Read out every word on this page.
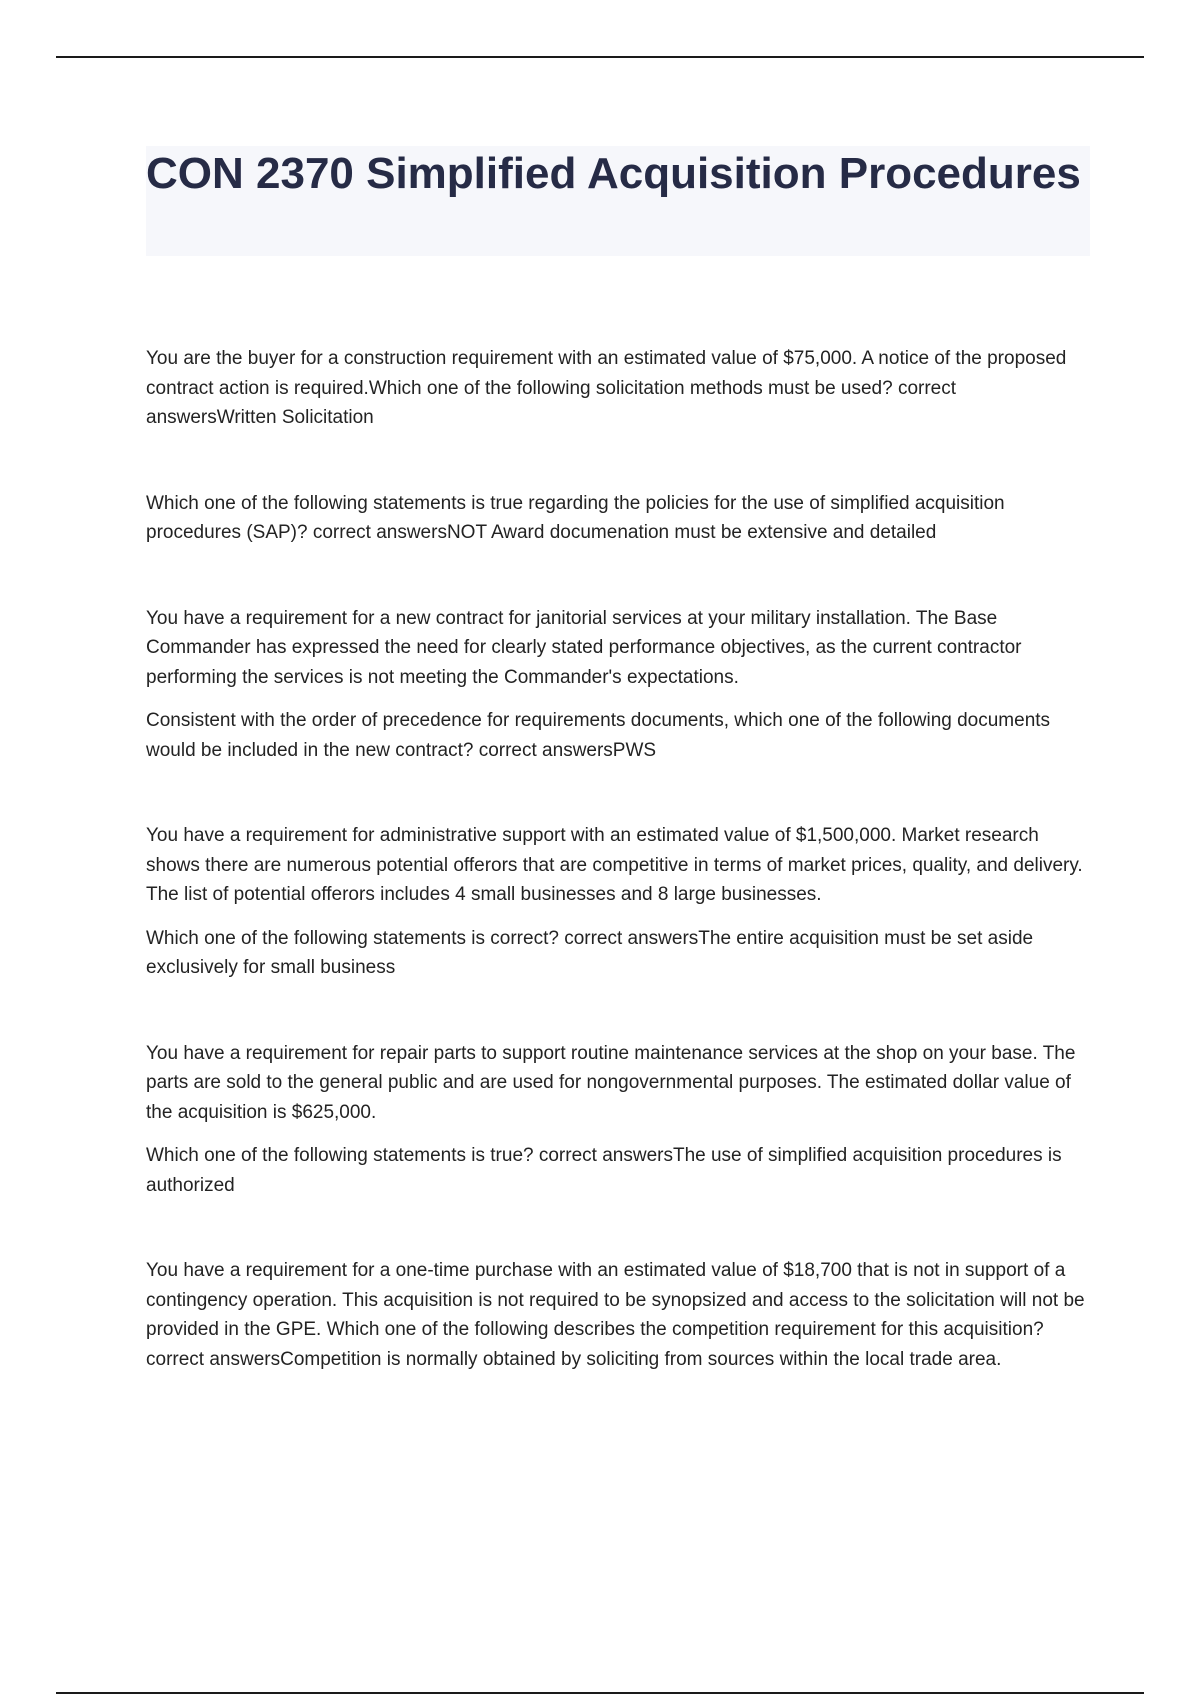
CON 2370 Simplified Acquisition Procedures

You are the buyer for a construction requirement with an estimated value of $75,000. A notice of the proposed contract action is required.Which one of the following solicitation methods must be used? correct answersWritten Solicitation

Which one of the following statements is true regarding the policies for the use of simplified acquisition procedures (SAP)? correct answersNOT Award documenation must be extensive and detailed

You have a requirement for a new contract for janitorial services at your military installation. The Base Commander has expressed the need for clearly stated performance objectives, as the current contractor performing the services is not meeting the Commander's expectations.

Consistent with the order of precedence for requirements documents, which one of the following documents would be included in the new contract? correct answersPWS

You have a requirement for administrative support with an estimated value of $1,500,000. Market research shows there are numerous potential offerors that are competitive in terms of market prices, quality, and delivery. The list of potential offerors includes 4 small businesses and 8 large businesses.

Which one of the following statements is correct? correct answersThe entire acquisition must be set aside exclusively for small business

You have a requirement for repair parts to support routine maintenance services at the shop on your base. The parts are sold to the general public and are used for nongovernmental purposes. The estimated dollar value of the acquisition is $625,000.

Which one of the following statements is true? correct answersThe use of simplified acquisition procedures is authorized

You have a requirement for a one-time purchase with an estimated value of $18,700 that is not in support of a contingency operation. This acquisition is not required to be synopsized and access to the solicitation will not be provided in the GPE. Which one of the following describes the competition requirement for this acquisition? correct answersCompetition is normally obtained by soliciting from sources within the local trade area.
